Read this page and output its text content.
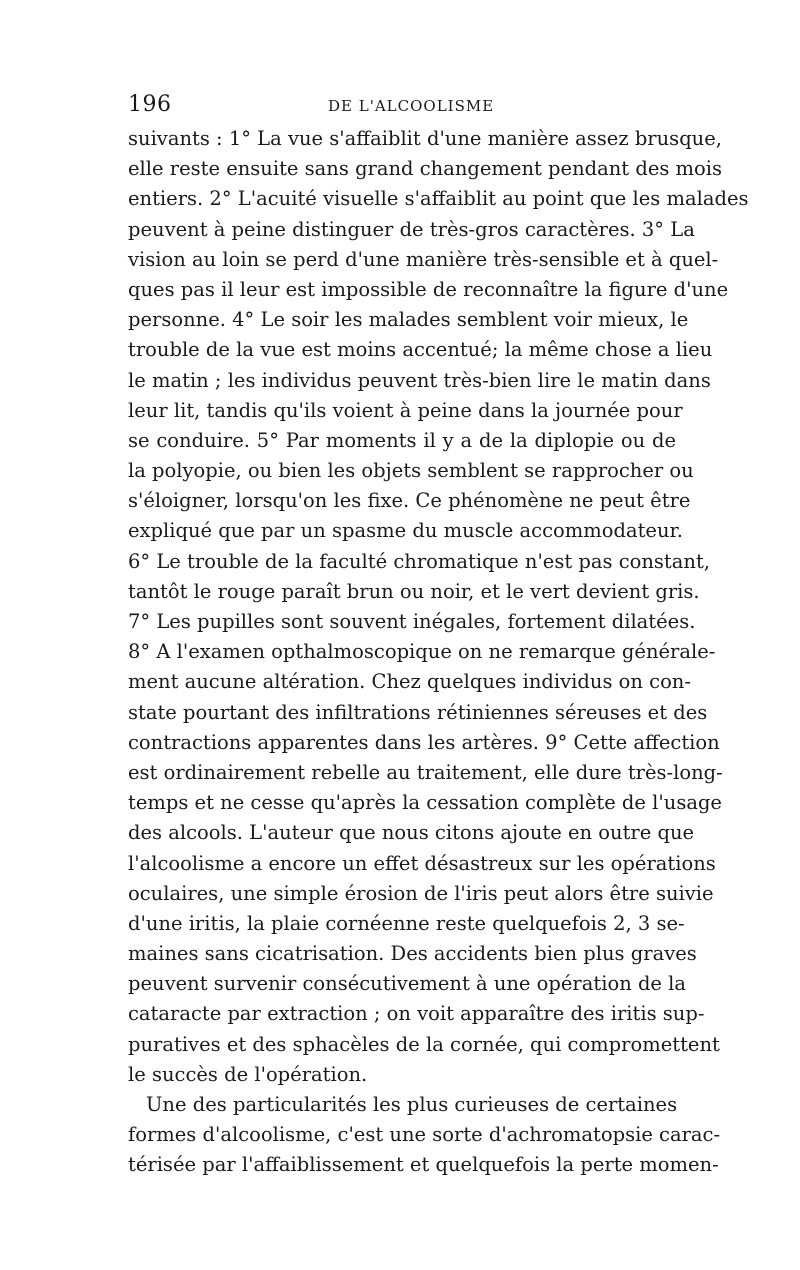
196	DE L'ALCOOLISME
suivants : 1° La vue s'affaiblit d'une manière assez brusque,
elle reste ensuite sans grand changement pendant des mois
entiers. 2° L'acuité visuelle s'affaiblit au point que les malades
peuvent à peine distinguer de très-gros caractères. 3° La
vision au loin se perd d'une manière très-sensible et à quel-
ques pas il leur est impossible de reconnaître la figure d'une
personne. 4° Le soir les malades semblent voir mieux, le
trouble de la vue est moins accentué; la même chose a lieu
le matin ; les individus peuvent très-bien lire le matin dans
leur lit, tandis qu'ils voient à peine dans la journée pour
se conduire. 5° Par moments il y a de la diplopie ou de
la polyopie, ou bien les objets semblent se rapprocher ou
s'éloigner, lorsqu'on les fixe. Ce phénomène ne peut être
expliqué que par un spasme du muscle accommodateur.
6° Le trouble de la faculté chromatique n'est pas constant,
tantôt le rouge paraît brun ou noir, et le vert devient gris.
7° Les pupilles sont souvent inégales, fortement dilatées.
8° A l'examen opthalmoscopique on ne remarque générale-
ment aucune altération. Chez quelques individus on con-
state pourtant des infiltrations rétiniennes séreuses et des
contractions apparentes dans les artères. 9° Cette affection
est ordinairement rebelle au traitement, elle dure très-long-
temps et ne cesse qu'après la cessation complète de l'usage
des alcools. L'auteur que nous citons ajoute en outre que
l'alcoolisme a encore un effet désastreux sur les opérations
oculaires, une simple érosion de l'iris peut alors être suivie
d'une iritis, la plaie cornéenne reste quelquefois 2, 3 se-
maines sans cicatrisation. Des accidents bien plus graves
peuvent survenir consécutivement à une opération de la
cataracte par extraction ; on voit apparaître des iritis sup-
puratives et des sphacèles de la cornée, qui compromettent
le succès de l'opération.
Une des particularités les plus curieuses de certaines
formes d'alcoolisme, c'est une sorte d'achromatopsie carac-
térisée par l'affaiblissement et quelquefois la perte momen-
